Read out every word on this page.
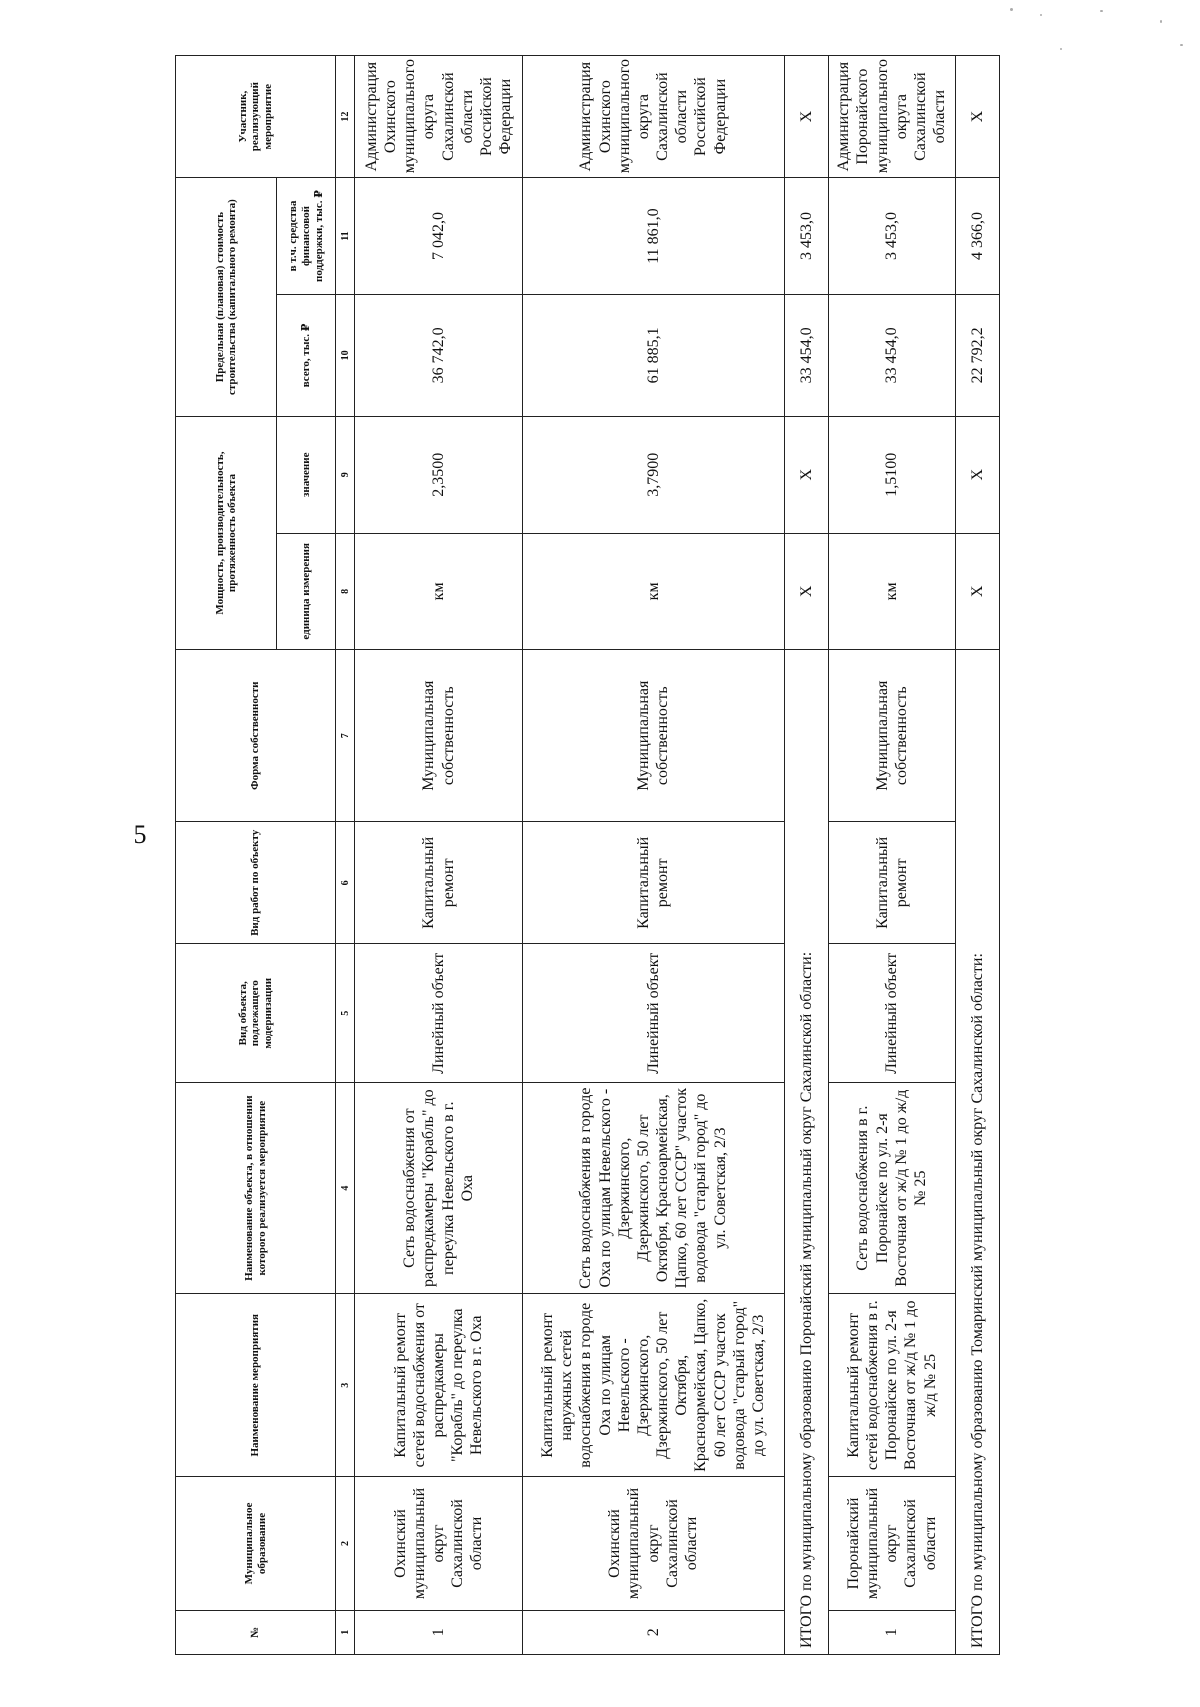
5
№	Муниципальное образование	Наименование мероприятия	Наименование объекта, в отношении которого реализуется мероприятие	Вид объекта, подлежащего модернизации	Вид работ по объекту	Форма собственности	Мощность, производительность, протяженность объекта		Предельная (плановая) стоимость строительства (капитального ремонта)		Участник, реализующий мероприятие
							единица измерения	значение	всего, тыс. ₽	в т.ч. средства финансовой поддержки, тыс. ₽	
1	2	3	4	5	6	7	8	9	10	11	12
1	Охинский муниципальный округ Сахалинской области	Капитальный ремонт сетей водоснабжения от распредкамеры "Корабль" до переулка Невельского в г. Оха	Сеть водоснабжения от распредкамеры "Корабль" до переулка Невельского в г. Оха	Линейный объект	Капитальный ремонт	Муниципальная собственность	км	2,3500	36 742,0	7 042,0	Администрация Охинского муниципального округа Сахалинской области Российской Федерации
2	Охинский муниципальный округ Сахалинской области	Капитальный ремонт наружных сетей водоснабжения в городе Оха по улицам Невельского - Дзержинского, Дзержинского, 50 лет Октября, Красноармейская, Цапко, 60 лет СССР участок водовода "старый город" до ул. Советская, 2/3	Сеть водоснабжения в городе Оха по улицам Невельского - Дзержинского, Дзержинского, 50 лет Октября, Красноармейская, Цапко, 60 лет СССР" участок водовода "старый город" до ул. Советская, 2/3	Линейный объект	Капитальный ремонт	Муниципальная собственность	км	3,7900	61 885,1	11 861,0	Администрация Охинского муниципального округа Сахалинской области Российской Федерации
ИТОГО по муниципальному образованию Поронайский муниципальный округ Сахалинской области:							Х	Х	33 454,0	3 453,0	Х
1	Поронайский муниципальный округ Сахалинской области	Капитальный ремонт сетей водоснабжения в г. Поронайске по ул. 2-я Восточная от ж/д № 1 до ж/д № 25	Сеть водоснабжения в г. Поронайске по ул. 2-я Восточная от ж/д № 1 до ж/д № 25	Линейный объект	Капитальный ремонт	Муниципальная собственность	км	1,5100	33 454,0	3 453,0	Администрация Поронайского муниципального округа Сахалинской области
ИТОГО по муниципальному образованию Томаринский муниципальный округ Сахалинской области:							Х	Х	22 792,2	4 366,0	Х
